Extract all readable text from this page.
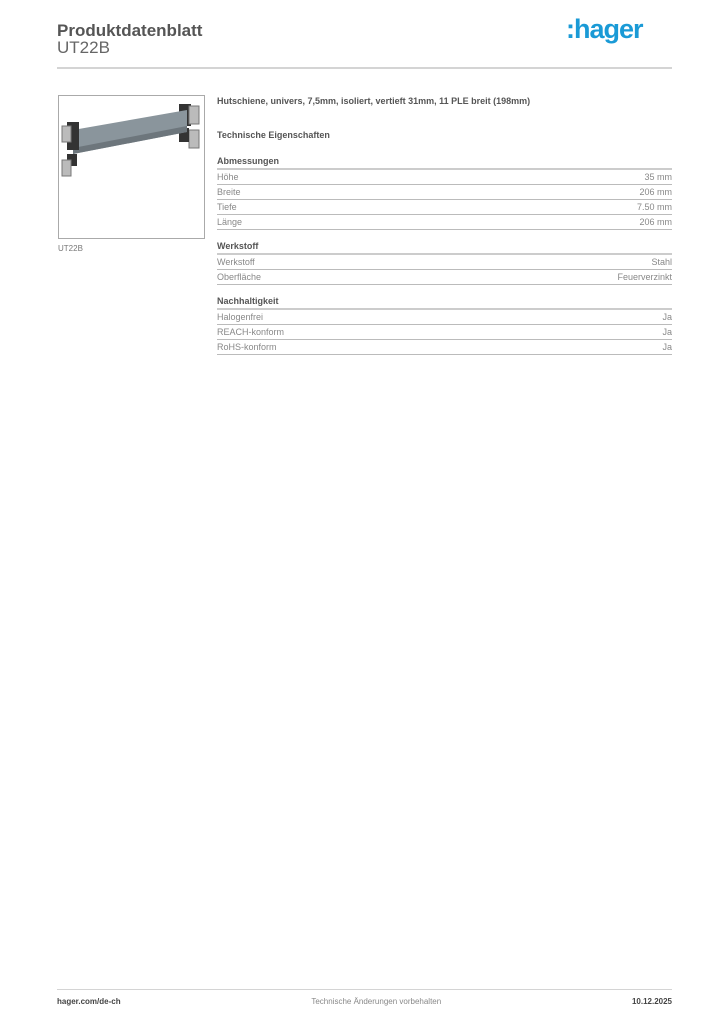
Produktdatenblatt
UT22B
:hager
UT22B
Hutschiene, univers, 7,5mm, isoliert, vertieft 31mm, 11 PLE breit (198mm)
Technische Eigenschaften
Abmessungen
Höhe	35 mm
Breite	206 mm
Tiefe	7.50 mm
Länge	206 mm
Werkstoff
Werkstoff	Stahl
Oberfläche	Feuerverzinkt
Nachhaltigkeit
Halogenfrei	Ja
REACH-konform	Ja
RoHS-konform	Ja
hager.com/de-ch	Technische Änderungen vorbehalten	10.12.2025
